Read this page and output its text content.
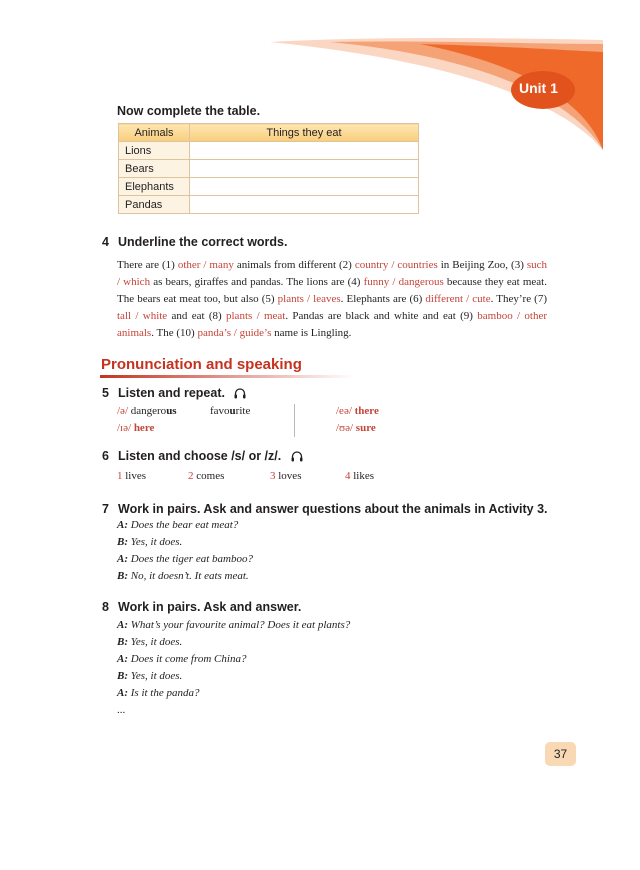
Unit 1
Now complete the table.
Animals	Things they eat
Lions	
Bears	
Elephants	
Pandas	
4 Underline the correct words.

There are (1) other / many animals from different (2) country / countries in Beijing Zoo, (3) such / which as bears, giraffes and pandas. The lions are (4) funny / dangerous because they eat meat. The bears eat meat too, but also (5) plants / leaves. Elephants are (6) different / cute. They’re (7) tall / white and eat (8) plants / meat. Pandas are black and white and eat (9) bamboo / other animals. The (10) panda’s / guide’s name is Lingling.

Pronunciation and speaking
5 Listen and repeat.
/ə/ dangerous	favourite	/eə/ there
/ɪə/ here	/ʊə/ sure
6 Listen and choose /s/ or /z/.
1 lives	2 comes	3 loves	4 likes
7 Work in pairs. Ask and answer questions about the animals in Activity 3.
A: Does the bear eat meat?
B: Yes, it does.
A: Does the tiger eat bamboo?
B: No, it doesn’t. It eats meat.
8 Work in pairs. Ask and answer.
A: What’s your favourite animal? Does it eat plants?
B: Yes, it does.
A: Does it come from China?
B: Yes, it does.
A: Is it the panda?
...
37
